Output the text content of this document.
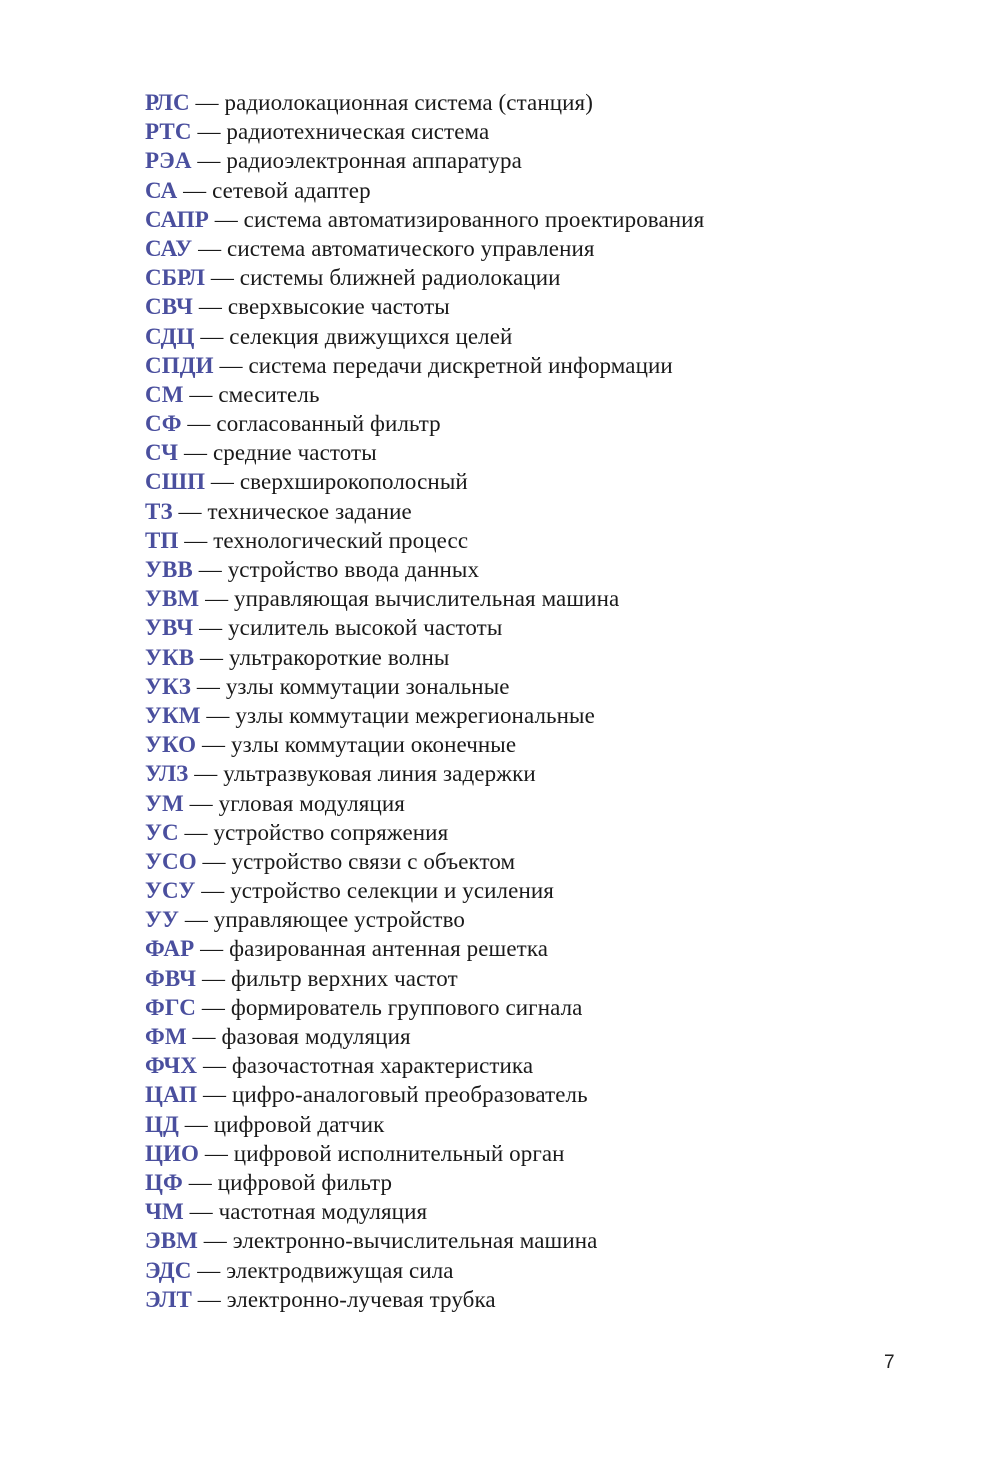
РЛС — радиолокационная система (станция)
РТС — радиотехническая система
РЭА — радиоэлектронная аппаратура
СА — сетевой адаптер
САПР — система автоматизированного проектирования
САУ — система автоматического управления
СБРЛ — системы ближней радиолокации
СВЧ — сверхвысокие частоты
СДЦ — селекция движущихся целей
СПДИ — система передачи дискретной информации
СМ — смеситель
СФ — согласованный фильтр
СЧ — средние частоты
СШП — сверхширокополосный
ТЗ — техническое задание
ТП — технологический процесс
УВВ — устройство ввода данных
УВМ — управляющая вычислительная машина
УВЧ — усилитель высокой частоты
УКВ — ультракороткие волны
УКЗ — узлы коммутации зональные
УКМ — узлы коммутации межрегиональные
УКО — узлы коммутации оконечные
УЛЗ — ультразвуковая линия задержки
УМ — угловая модуляция
УС — устройство сопряжения
УСО — устройство связи с объектом
УСУ — устройство селекции и усиления
УУ — управляющее устройство
ФАР — фазированная антенная решетка
ФВЧ — фильтр верхних частот
ФГС — формирователь группового сигнала
ФМ — фазовая модуляция
ФЧХ — фазочастотная характеристика
ЦАП — цифро-аналоговый преобразователь
ЦД — цифровой датчик
ЦИО — цифровой исполнительный орган
ЦФ — цифровой фильтр
ЧМ — частотная модуляция
ЭВМ — электронно-вычислительная машина
ЭДС — электродвижущая сила
ЭЛТ — электронно-лучевая трубка
7
